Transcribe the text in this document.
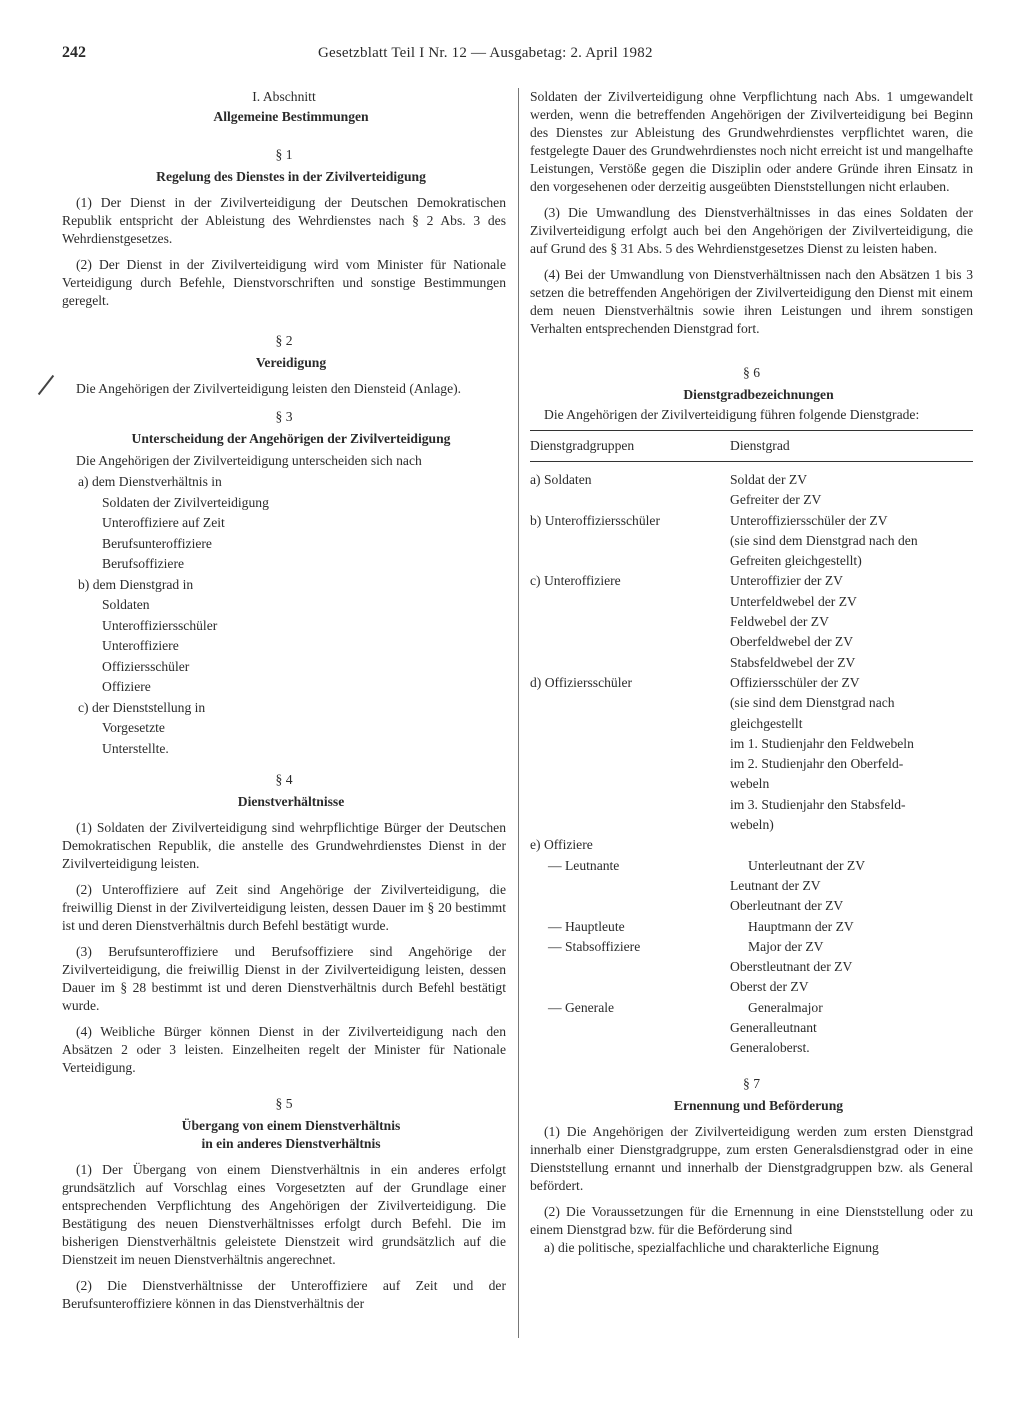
242	Gesetzblatt Teil I Nr. 12 — Ausgabetag: 2. April 1982

I. Abschnitt

Allgemeine Bestimmungen

§ 1

Regelung des Dienstes in der Zivilverteidigung

(1) Der Dienst in der Zivilverteidigung der Deutschen Demokratischen Republik entspricht der Ableistung des Wehrdienstes nach § 2 Abs. 3 des Wehrdienstgesetzes.

(2) Der Dienst in der Zivilverteidigung wird vom Minister für Nationale Verteidigung durch Befehle, Dienstvorschriften und sonstige Bestimmungen geregelt.

§ 2

Vereidigung

Die Angehörigen der Zivilverteidigung leisten den Diensteid (Anlage).

§ 3

Unterscheidung der Angehörigen der Zivilverteidigung

Die Angehörigen der Zivilverteidigung unterscheiden sich nach

a) dem Dienstverhältnis in

Soldaten der Zivilverteidigung

Unteroffiziere auf Zeit

Berufsunteroffiziere

Berufsoffiziere

b) dem Dienstgrad in

Soldaten

Unteroffiziersschüler

Unteroffiziere

Offiziersschüler

Offiziere

c) der Dienststellung in

Vorgesetzte

Unterstellte.

§ 4

Dienstverhältnisse

(1) Soldaten der Zivilverteidigung sind wehrpflichtige Bürger der Deutschen Demokratischen Republik, die anstelle des Grundwehrdienstes Dienst in der Zivilverteidigung leisten.

(2) Unteroffiziere auf Zeit sind Angehörige der Zivilverteidigung, die freiwillig Dienst in der Zivilverteidigung leisten, dessen Dauer im § 20 bestimmt ist und deren Dienstverhältnis durch Befehl bestätigt wurde.

(3) Berufsunteroffiziere und Berufsoffiziere sind Angehörige der Zivilverteidigung, die freiwillig Dienst in der Zivilverteidigung leisten, dessen Dauer im § 28 bestimmt ist und deren Dienstverhältnis durch Befehl bestätigt wurde.

(4) Weibliche Bürger können Dienst in der Zivilverteidigung nach den Absätzen 2 oder 3 leisten. Einzelheiten regelt der Minister für Nationale Verteidigung.

§ 5

Übergang von einem Dienstverhältnis

in ein anderes Dienstverhältnis

(1) Der Übergang von einem Dienstverhältnis in ein anderes erfolgt grundsätzlich auf Vorschlag eines Vorgesetzten auf der Grundlage einer entsprechenden Verpflichtung des Angehörigen der Zivilverteidigung. Die Bestätigung des neuen Dienstverhältnisses erfolgt durch Befehl. Die im bisherigen Dienstverhältnis geleistete Dienstzeit wird grundsätzlich auf die Dienstzeit im neuen Dienstverhältnis angerechnet.

(2) Die Dienstverhältnisse der Unteroffiziere auf Zeit und der Berufsunteroffiziere können in das Dienstverhältnis der

Soldaten der Zivilverteidigung ohne Verpflichtung nach Abs. 1 umgewandelt werden, wenn die betreffenden Angehörigen der Zivilverteidigung bei Beginn des Dienstes zur Ableistung des Grundwehrdienstes verpflichtet waren, die festgelegte Dauer des Grundwehrdienstes noch nicht erreicht ist und mangelhafte Leistungen, Verstöße gegen die Disziplin oder andere Gründe ihren Einsatz in den vorgesehenen oder derzeitig ausgeübten Dienststellungen nicht erlauben.

(3) Die Umwandlung des Dienstverhältnisses in das eines Soldaten der Zivilverteidigung erfolgt auch bei den Angehörigen der Zivilverteidigung, die auf Grund des § 31 Abs. 5 des Wehrdienstgesetzes Dienst zu leisten haben.

(4) Bei der Umwandlung von Dienstverhältnissen nach den Absätzen 1 bis 3 setzen die betreffenden Angehörigen der Zivilverteidigung den Dienst mit einem dem neuen Dienstverhältnis sowie ihren Leistungen und ihrem sonstigen Verhalten entsprechenden Dienstgrad fort.

§ 6

Dienstgradbezeichnungen

Die Angehörigen der Zivilverteidigung führen folgende Dienstgrade:

Dienstgradgruppen	Dienstgrad
a) Soldaten	Soldat der ZV
Gefreiter der ZV
b) Unteroffiziersschüler	Unteroffiziersschüler der ZV
(sie sind dem Dienstgrad nach den
Gefreiten gleichgestellt)
c) Unteroffiziere	Unteroffizier der ZV
Unterfeldwebel der ZV
Feldwebel der ZV
Oberfeldwebel der ZV
Stabsfeldwebel der ZV
d) Offiziersschüler	Offiziersschüler der ZV
(sie sind dem Dienstgrad nach
gleichgestellt
im 1. Studienjahr den Feldwebeln
im 2. Studienjahr den Oberfeld-
webeln
im 3. Studienjahr den Stabsfeld-
webeln)
e) Offiziere
— Leutnante	Unterleutnant der ZV
Leutnant der ZV
Oberleutnant der ZV
— Hauptleute	Hauptmann der ZV
— Stabsoffiziere	Major der ZV
Oberstleutnant der ZV
Oberst der ZV
— Generale	Generalmajor
Generalleutnant
Generaloberst.

§ 7

Ernennung und Beförderung

(1) Die Angehörigen der Zivilverteidigung werden zum ersten Dienstgrad innerhalb einer Dienstgradgruppe, zum ersten Generalsdienstgrad oder in eine Dienststellung ernannt und innerhalb der Dienstgradgruppen bzw. als General befördert.

(2) Die Voraussetzungen für die Ernennung in eine Dienststellung oder zu einem Dienstgrad bzw. für die Beförderung sind

a) die politische, spezialfachliche und charakterliche Eignung
